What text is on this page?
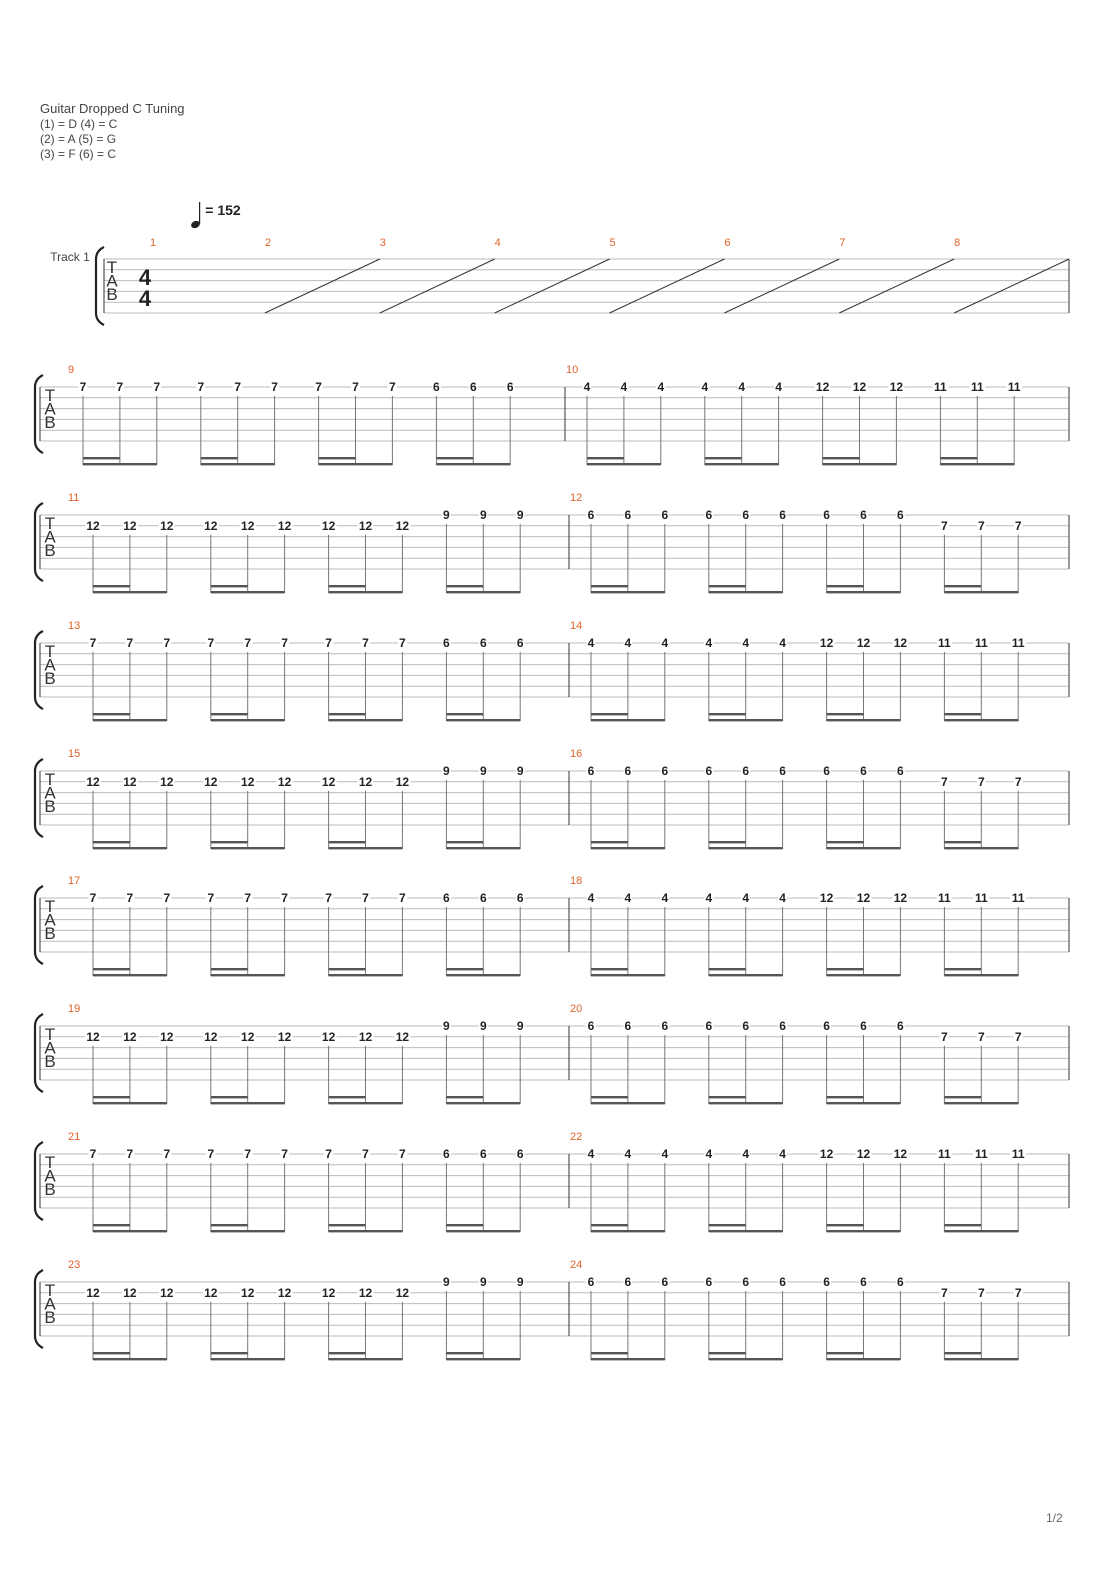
Guitar Dropped C Tuning
(1) = D (4) = C
(2) = A (5) = G
(3) = F (6) = C
= 152
T
A
B
Track 1
4
4
1	2	3	4	5	6	7	8
T
A
B
9
7	7	7	7	7	7	7	7	7	6	6	6
10
4	4	4	4	4	4	12 12 12	11 11 11
T
A
B
11
12 12 12	12 12 12	12 12 12
9	9	9
12
6	6	6	6	6	6	6	6	6
7	7	7
T
A
B
13
7	7	7	7	7	7	7	7	7	6	6	6
14
4	4	4	4	4	4	12 12 12	11 11 11
T
A
B
15
12 12 12	12 12 12	12 12 12
9	9	9
16
6	6	6	6	6	6	6	6	6
7	7	7
T
A
B
17
7	7	7	7	7	7	7	7	7	6	6	6
18
4	4	4	4	4	4	12 12 12	11 11 11
T
A
B
19
12 12 12	12 12 12	12 12 12
9	9	9
20
6	6	6	6	6	6	6	6	6
7	7	7
T
A
B
21
7	7	7	7	7	7	7	7	7	6	6	6
22
4	4	4	4	4	4	12 12 12	11 11 11
T
A
B
23
12 12 12	12 12 12	12 12 12
9	9	9
24
6	6	6	6	6	6	6	6	6
7	7	7
1/2
